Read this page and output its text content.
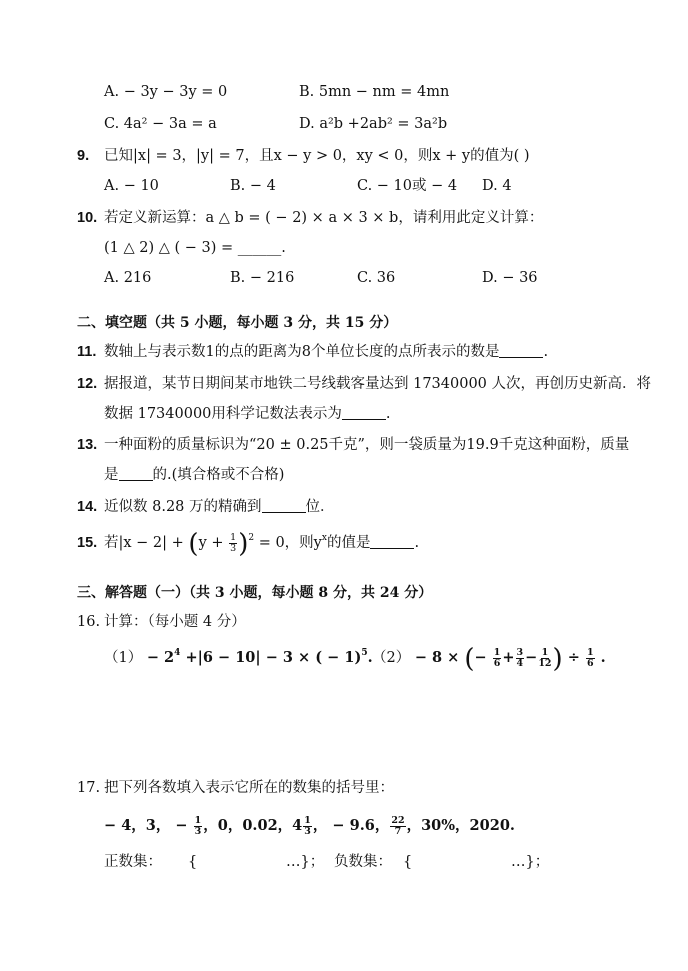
A. − 3y − 3y = 0	B. 5mn − nm = 4mn
C. 4a² − 3a = a	D. a²b +2ab² = 3a²b
9. 已知|x| = 3，|y| = 7，且x − y > 0，xy < 0，则x + y的值为( )
A. − 10	B. − 4	C. − 10或 − 4 D. 4
10. 若定义新运算：a △ b = ( − 2) × a × 3 × b，请利用此定义计算：
(1 △ 2) △ ( − 3) = ______.
A. 216	B. − 216	C. 36	D. − 36
二、填空题（共 5 小题，每小题 3 分，共 15 分）
11. 数轴上与表示数1的点的距离为8个单位长度的点所表示的数是	.
12. 据报道，某节日期间某市地铁二号线载客量达到 17340000 人次，再创历史新高．将
数据 17340000用科学记数法表示为	.
13. 一种面粉的质量标识为“20 ± 0.25千克”，则一袋质量为19.9千克这种面粉，质量
是 的.(填合格或不合格)
14. 近似数 8.28 万的精确到	位．
15. 若$|x - 2| + (y + \frac{1}{3} )^2 = 0$，则$y^x$的值是	.
三、解答题（一）（共 3 小题，每小题 8 分，共 24 分）
16. 计算：（每小题 4 分）
$(1) - 2^4 +|6 - 10| - 3$ × ( − 1)$^5$. （2） − 8 × (− $\frac{1}{6} + \frac{3}{4} - \frac{1}{12}$ ) ÷ $\frac{1}{6}$ .
17. 把下列各数填入表示它所在的数集的括号里：
− 4，3， − $\frac{1}{3}$ ，0，0.02，$4 \frac{1}{3}$ ， − 9.6， $\frac{22}{7}$ ，30%，2020.
正数集： {	…}； 负数集： {	…}；
